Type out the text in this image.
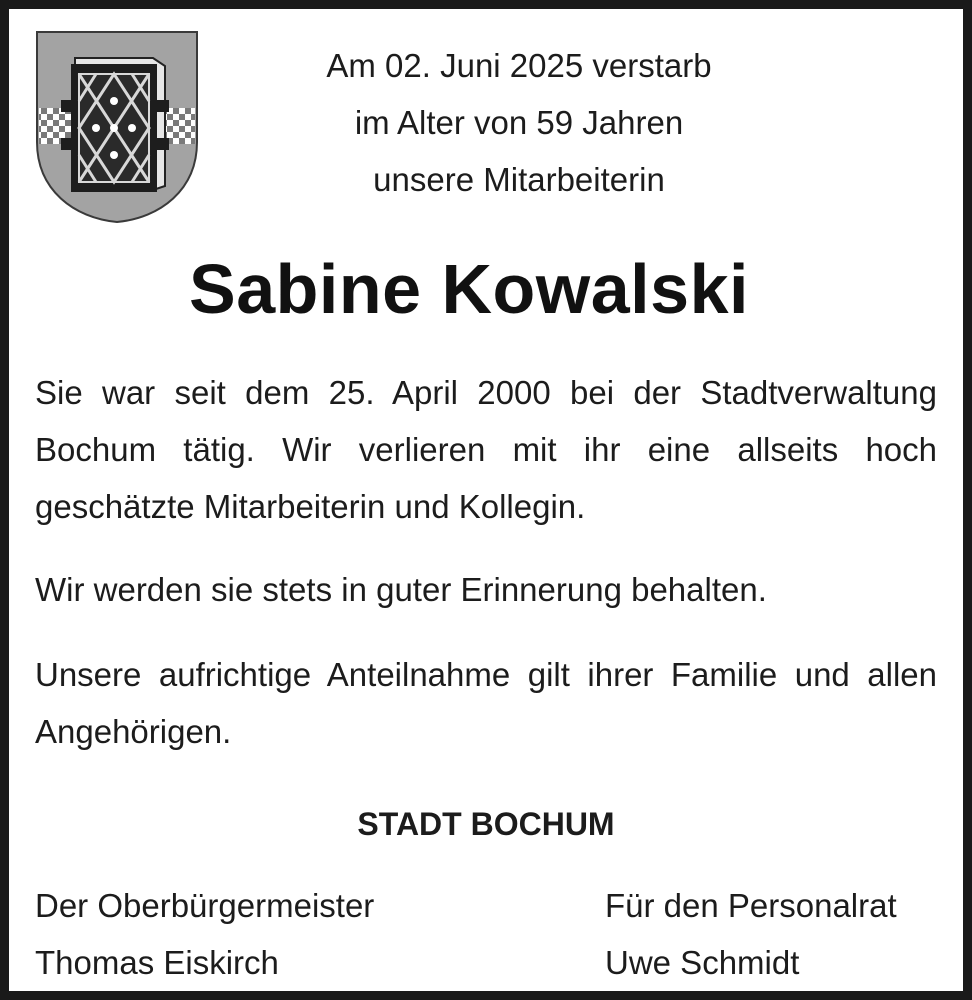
Am 02. Juni 2025 verstarb
im Alter von 59 Jahren
unsere Mitarbeiterin
Sabine Kowalski
Sie war seit dem 25. April 2000 bei der Stadtverwaltung Bochum tätig. Wir verlieren mit ihr eine allseits hoch geschätzte Mitarbeiterin und Kollegin.
Wir werden sie stets in guter Erinnerung behalten.
Unsere aufrichtige Anteilnahme gilt ihrer Familie und allen Angehörigen.
STADT BOCHUM
Der Oberbürgermeister
Thomas Eiskirch
Für den Personalrat
Uwe Schmidt
